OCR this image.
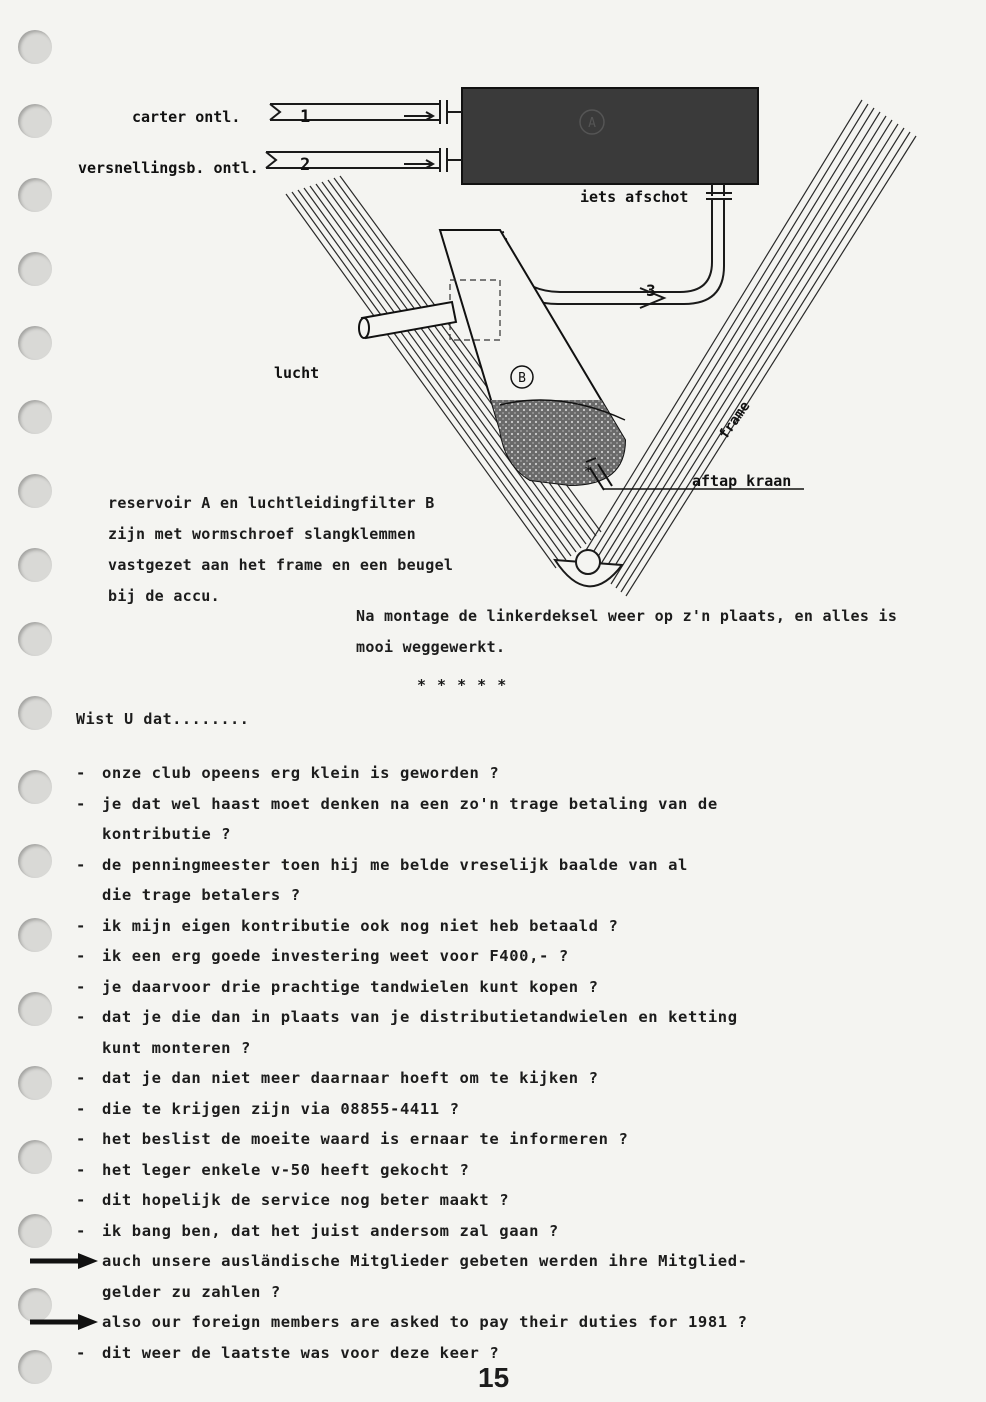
A
1
2
3
B
*
carter ontl.
versnellingsb. ontl.
iets afschot
lucht
frame
aftap kraan
reservoir A en luchtleidingfilter B
zijn met wormschroef slangklemmen
vastgezet aan het frame en een beugel
bij de accu.
Na montage de linkerdeksel weer op z'n plaats, en alles is
mooi weggewerkt.
* * * * *
Wist U dat........
- onze club opeens erg klein is geworden ?
- je dat wel haast moet denken na een zo'n trage betaling van de
kontributie ?
- de penningmeester toen hij me belde vreselijk baalde van al
die trage betalers ?
- ik mijn eigen kontributie ook nog niet heb betaald ?
- ik een erg goede investering weet voor F400,- ?
- je daarvoor drie prachtige tandwielen kunt kopen ?
- dat je die dan in plaats van je distributietandwielen en ketting
kunt monteren ?
- dat je dan niet meer daarnaar hoeft om te kijken ?
- die te krijgen zijn via 08855-4411 ?
- het beslist de moeite waard is ernaar te informeren ?
- het leger enkele v-50 heeft gekocht ?
- dit hopelijk de service nog beter maakt ?
- ik bang ben, dat het juist andersom zal gaan ?
auch unsere ausländische Mitglieder gebeten werden ihre Mitglied-
gelder zu zahlen ?
also our foreign members are asked to pay their duties for 1981 ?
- dit weer de laatste was voor deze keer ?
15
